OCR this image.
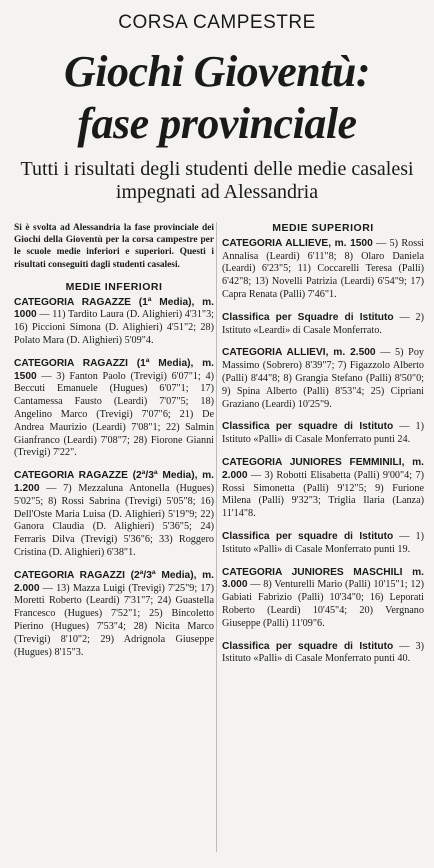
CORSA CAMPESTRE
Giochi Gioventù:
fase provinciale
Tutti i risultati degli studenti delle medie casalesi impegnati ad Alessandria
Si è svolta ad Alessandria la fase provinciale dei Giochi della Gioventù per la corsa campestre per le scuole medie inferiori e superiori. Questi i risultati conseguiti dagli studenti casalesi.
MEDIE INFERIORI
CATEGORIA RAGAZZE (1ª Media), m. 1000 — 11) Tardito Laura (D. Alighieri) 4'31"3; 16) Piccioni Simona (D. Alighieri) 4'51"2; 28) Polato Mara (D. Alighieri) 5'09"4.
CATEGORIA RAGAZZI (1ª Media), m. 1500 — 3) Fanton Paolo (Trevigi) 6'07"1; 4) Beccuti Emanuele (Hugues) 6'07"1; 17) Cantamessa Fausto (Leardi) 7'07"5; 18) Angelino Marco (Trevigi) 7'07"6; 21) De Andrea Maurizio (Leardi) 7'08"1; 22) Salmin Gianfranco (Leardi) 7'08"7; 28) Fiorone Gianni (Trevigi) 7'22".
CATEGORIA RAGAZZE (2ª/3ª Media), m. 1.200 — 7) Mezzaluna Antonella (Hugues) 5'02"5; 8) Rossi Sabrina (Trevigi) 5'05"8; 16) Dell'Oste Maria Luisa (D. Alighieri) 5'19"9; 22) Ganora Claudia (D. Alighieri) 5'36"5; 24) Ferraris Dilva (Trevigi) 5'36"6; 33) Roggero Cristina (D. Alighieri) 6'38"1.
CATEGORIA RAGAZZI (2ª/3ª Media), m. 2.000 — 13) Mazza Luigi (Trevigi) 7'25"9; 17) Moretti Roberto (Leardi) 7'31"7; 24) Guastella Francesco (Hugues) 7'52"1; 25) Bincoletto Pierino (Hugues) 7'53"4; 28) Nicita Marco (Trevigi) 8'10"2; 29) Adrignola Giuseppe (Hugues) 8'15"3.
MEDIE SUPERIORI
CATEGORIA ALLIEVE, m. 1500 — 5) Rossi Annalisa (Leardi) 6'11"8; 8) Olaro Daniela (Leardi) 6'23"5; 11) Coccarelli Teresa (Palli) 6'42"8; 13) Novelli Patrizia (Leardi) 6'54"9; 17) Capra Renata (Palli) 7'46"1.
Classifica per Squadre di Istituto — 2) Istituto «Leardi» di Casale Monferrato.
CATEGORIA ALLIEVI, m. 2.500 — 5) Poy Massimo (Sobrero) 8'39"7; 7) Figazzolo Alberto (Palli) 8'44"8; 8) Grangia Stefano (Palli) 8'50"0; 9) Spina Alberto (Palli) 8'53"4; 25) Cipriani Graziano (Leardi) 10'25"9.
Classifica per squadre di Istituto — 1) Istituto «Palli» di Casale Monferrato punti 24.
CATEGORIA JUNIORES FEMMINILI, m. 2.000 — 3) Robotti Elisabetta (Palli) 9'00"4; 7) Rossi Simonetta (Palli) 9'12"5; 9) Furione Milena (Palli) 9'32"3; Triglia Ilaria (Lanza) 11'14"8.
Classifica per squadre di Istituto — 1) Istituto «Palli» di Casale Monferrato punti 19.
CATEGORIA JUNIORES MASCHILI m. 3.000 — 8) Venturelli Mario (Palli) 10'15"1; 12) Gabiati Fabrizio (Palli) 10'34"0; 16) Leporati Roberto (Leardi) 10'45"4; 20) Vergnano Giuseppe (Palli) 11'09"6.
Classifica per squadre di Istituto — 3) Istituto «Palli» di Casale Monferrato punti 40.
